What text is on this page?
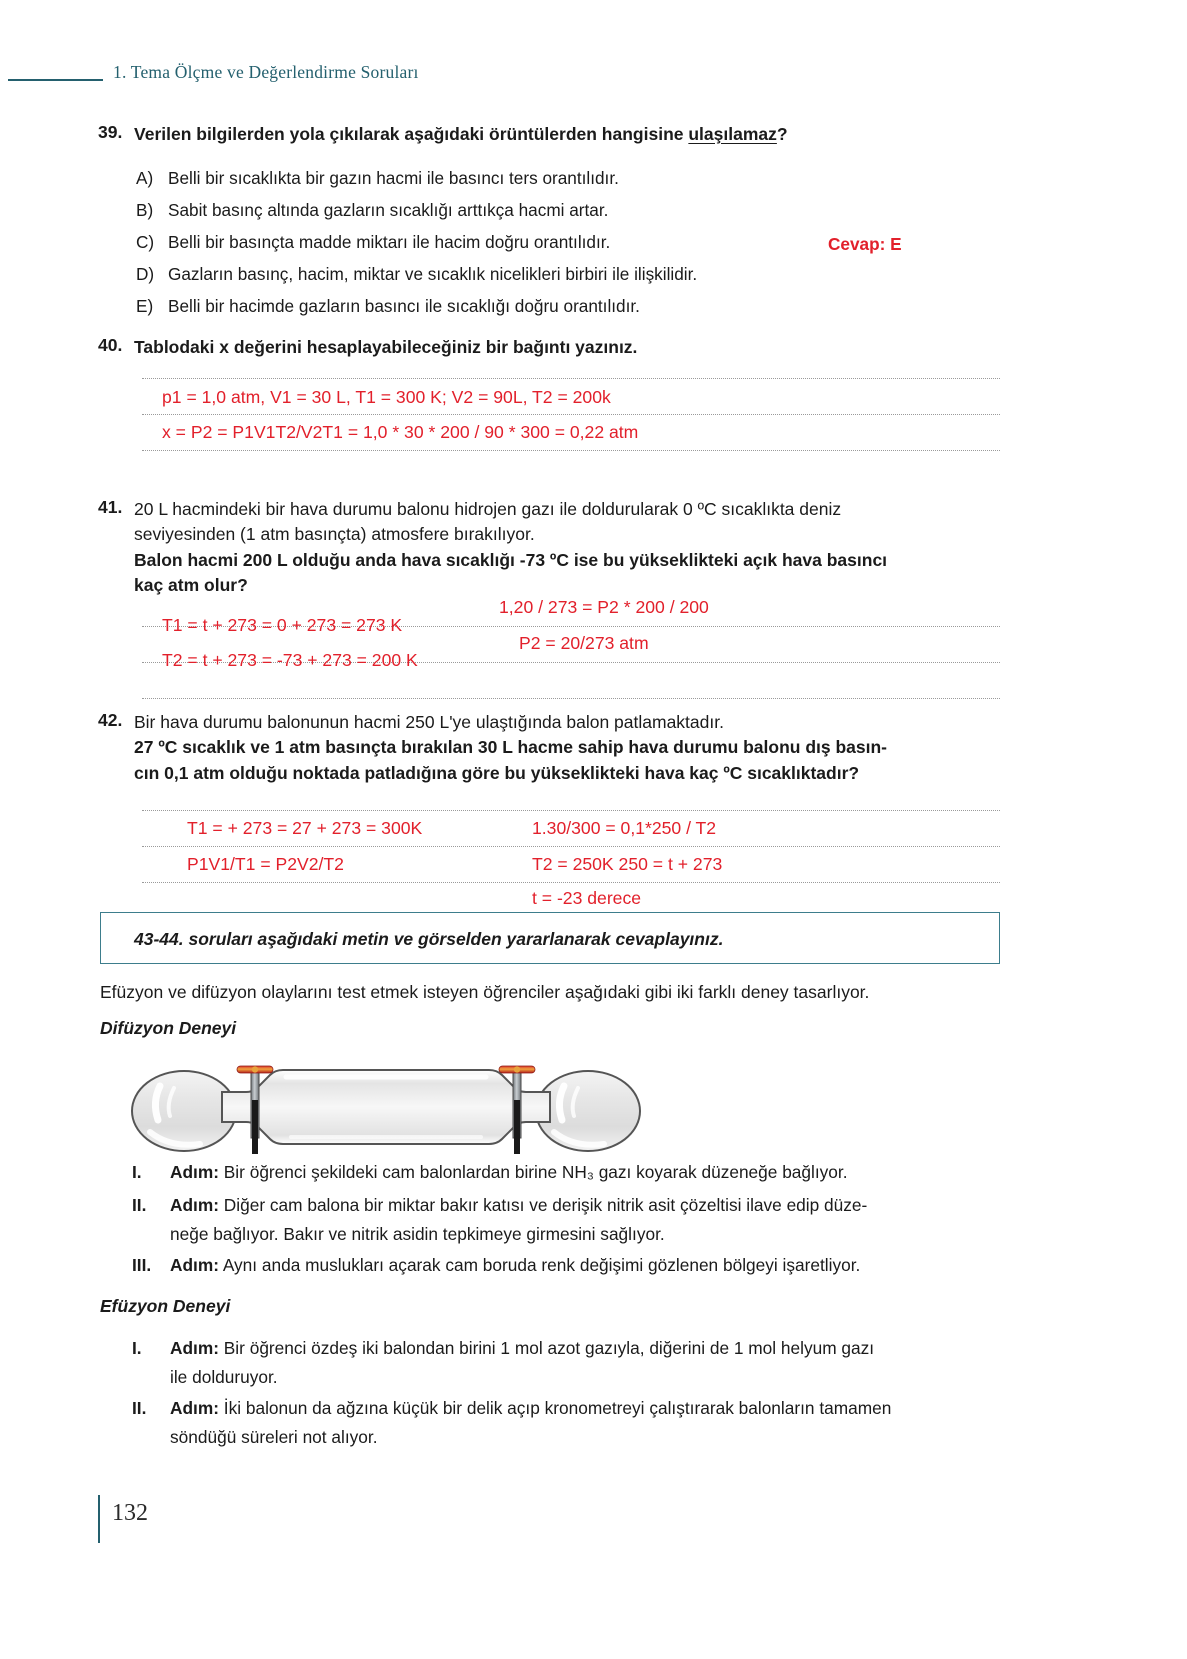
1. Tema Ölçme ve Değerlendirme Soruları
39. Verilen bilgilerden yola çıkılarak aşağıdaki örüntülerden hangisine ulaşılamaz?
A) Belli bir sıcaklıkta bir gazın hacmi ile basıncı ters orantılıdır.
B) Sabit basınç altında gazların sıcaklığı arttıkça hacmi artar.
C) Belli bir basınçta madde miktarı ile hacim doğru orantılıdır.
D) Gazların basınç, hacim, miktar ve sıcaklık nicelikleri birbiri ile ilişkilidir.
E) Belli bir hacimde gazların basıncı ile sıcaklığı doğru orantılıdır.
Cevap: E
40. Tablodaki x değerini hesaplayabileceğiniz bir bağıntı yazınız.
p1 = 1,0 atm, V1 = 30 L, T1 = 300 K; V2 = 90L, T2 = 200k
x = P2 = P1V1T2/V2T1 = 1,0 * 30 * 200 / 90 * 300 = 0,22 atm
41. 20 L hacmindeki bir hava durumu balonu hidrojen gazı ile doldurularak 0 ºC sıcaklıkta deniz
seviyesinden (1 atm basınçta) atmosfere bırakılıyor.
Balon hacmi 200 L olduğu anda hava sıcaklığı -73 ºC ise bu yükseklikteki açık hava basıncı
kaç atm olur?
T1 = t + 273 = 0 + 273 = 273 K
T2 = t + 273 = -73 + 273 = 200 K
1,20 / 273 = P2 * 200 / 200
P2 = 20/273 atm
42. Bir hava durumu balonunun hacmi 250 L'ye ulaştığında balon patlamaktadır.
27 ºC sıcaklık ve 1 atm basınçta bırakılan 30 L hacme sahip hava durumu balonu dış basın-
cın 0,1 atm olduğu noktada patladığına göre bu yükseklikteki hava kaç ºC sıcaklıktadır?
T1 = + 273 = 27 + 273 = 300K
P1V1/T1 = P2V2/T2
1.30/300 = 0,1*250 / T2
T2 = 250K 250 = t + 273
t = -23 derece
43-44. soruları aşağıdaki metin ve görselden yararlanarak cevaplayınız.
Efüzyon ve difüzyon olaylarını test etmek isteyen öğrenciler aşağıdaki gibi iki farklı deney tasarlıyor.
Difüzyon Deneyi
I.	Adım: Bir öğrenci şekildeki cam balonlardan birine NH₃ gazı koyarak düzeneğe bağlıyor.
II.	Adım: Diğer cam balona bir miktar bakır katısı ve derişik nitrik asit çözeltisi ilave edip düze-
neğe bağlıyor. Bakır ve nitrik asidin tepkimeye girmesini sağlıyor.
III.	Adım: Aynı anda muslukları açarak cam boruda renk değişimi gözlenen bölgeyi işaretliyor.
Efüzyon Deneyi
I.	Adım: Bir öğrenci özdeş iki balondan birini 1 mol azot gazıyla, diğerini de 1 mol helyum gazı
ile dolduruyor.
II.	Adım: İki balonun da ağzına küçük bir delik açıp kronometreyi çalıştırarak balonların tamamen
söndüğü süreleri not alıyor.
132
